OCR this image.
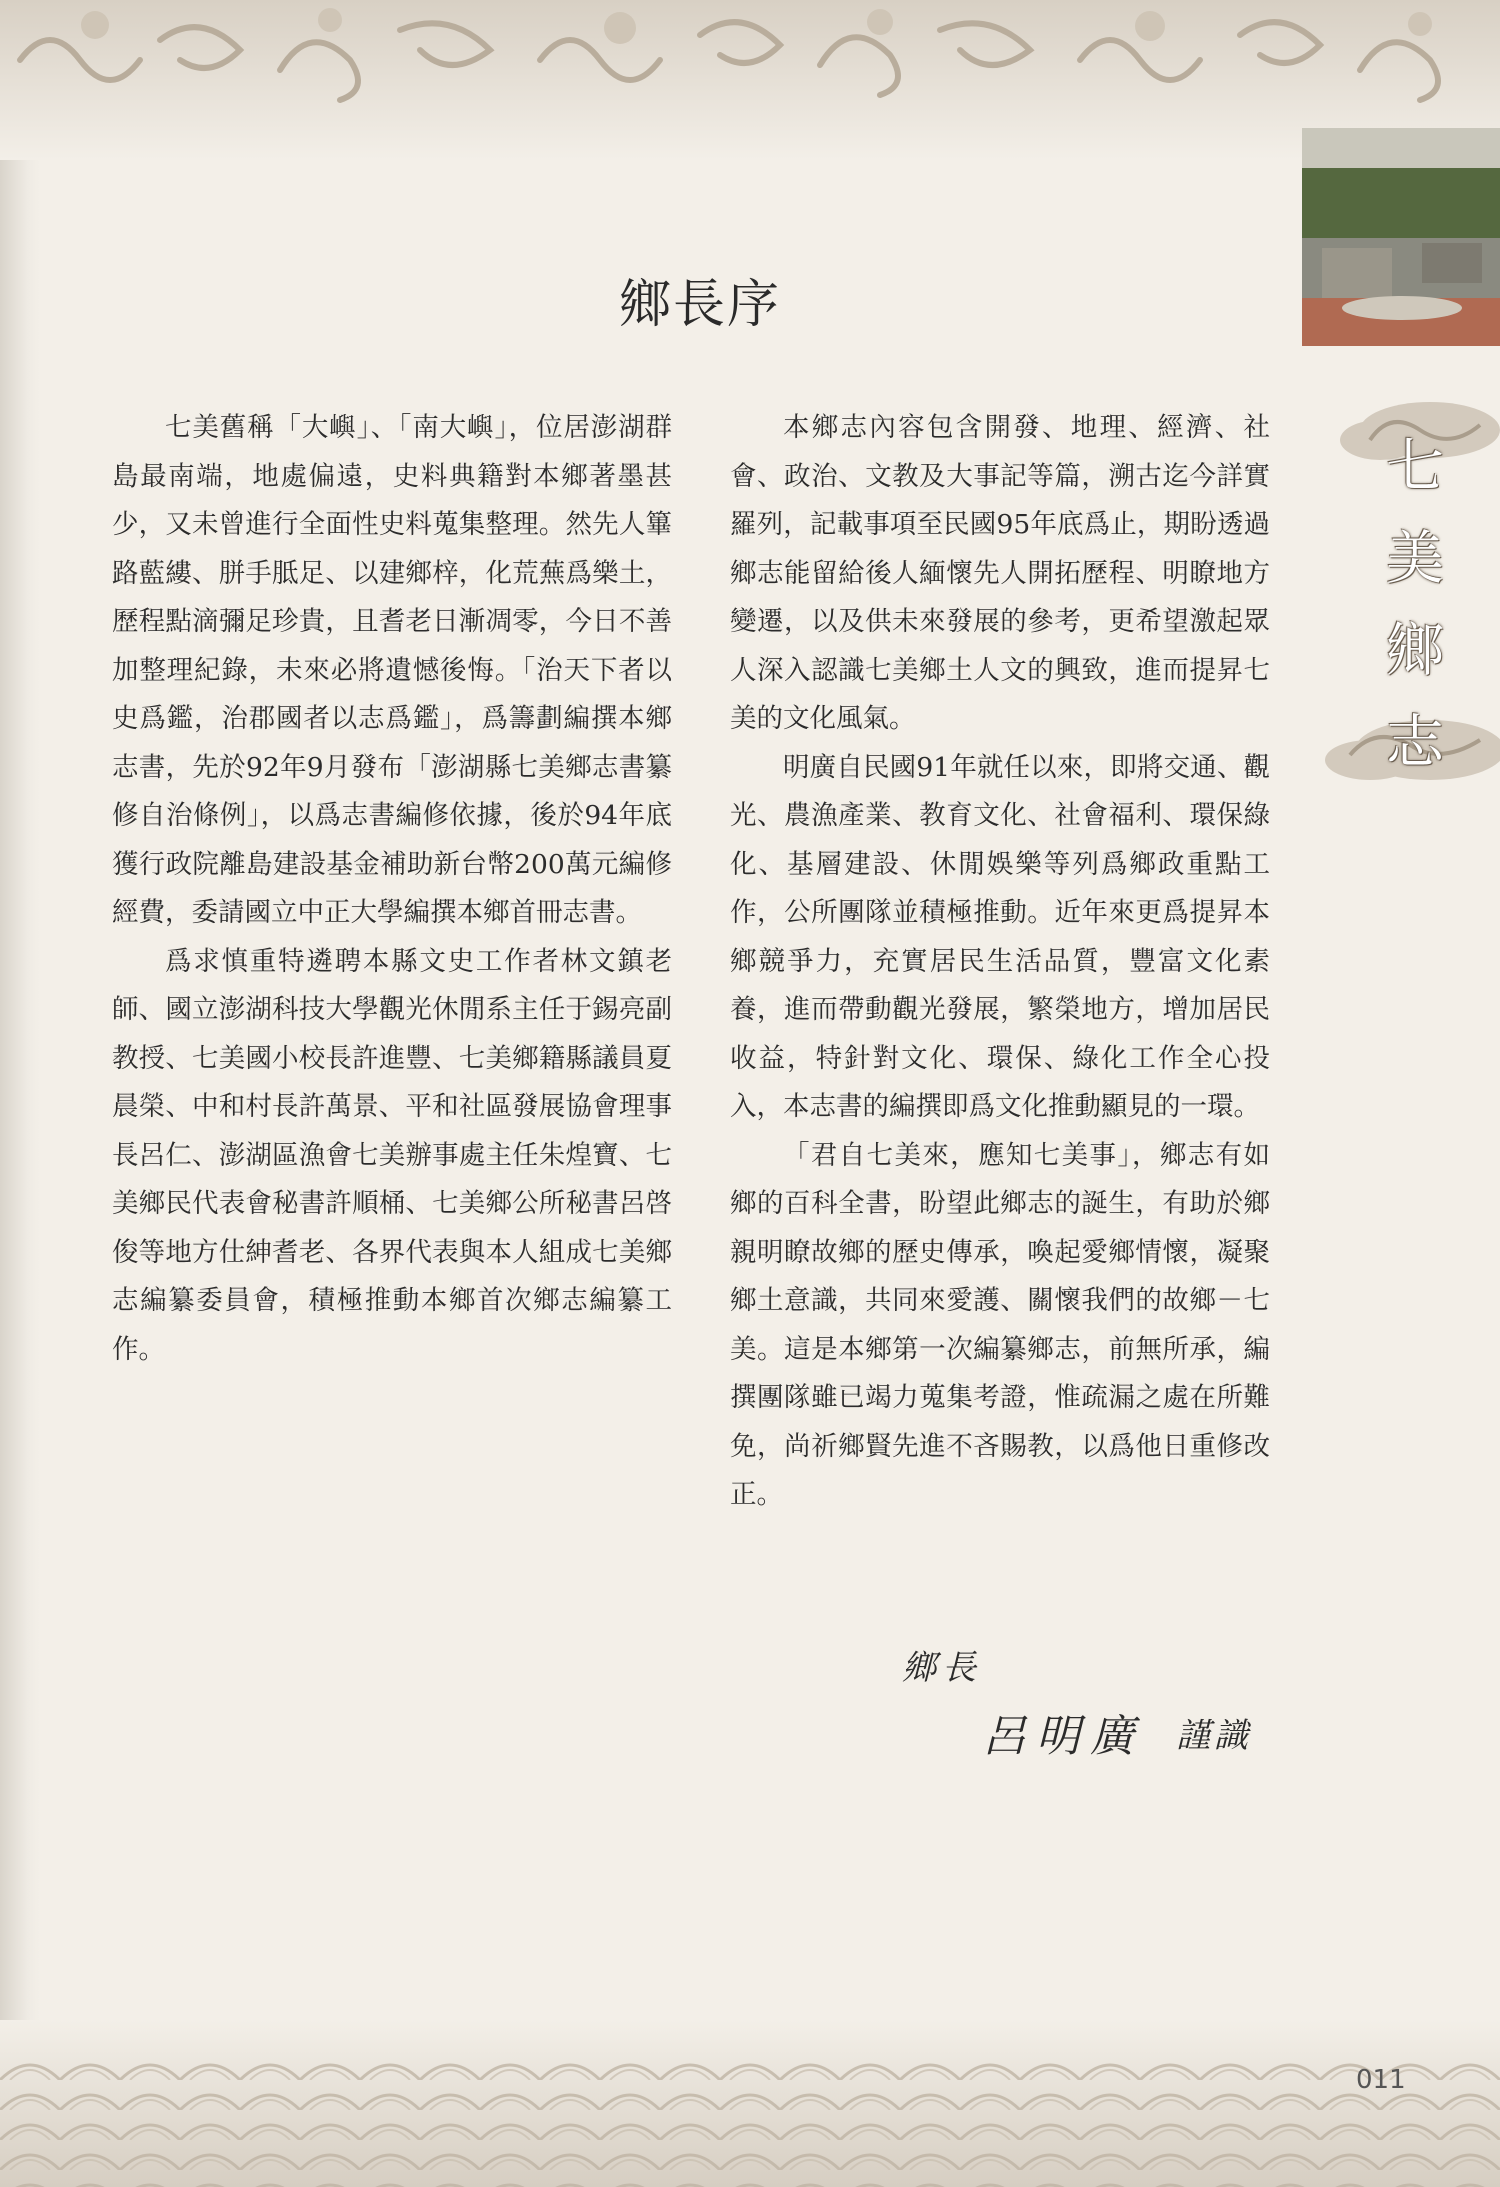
七
美
鄉
志
鄉長序

七美舊稱「大嶼」、「南大嶼」，位居澎湖群島最南端，地處偏遠，史料典籍對本鄉著墨甚少，又未曾進行全面性史料蒐集整理。然先人篳路藍縷、胼手胝足、以建鄉梓，化荒蕪爲樂土，歷程點滴彌足珍貴，且耆老日漸凋零，今日不善加整理紀錄，未來必將遺憾後悔。「治天下者以史爲鑑，治郡國者以志爲鑑」，爲籌劃編撰本鄉志書，先於92年9月發布「澎湖縣七美鄉志書纂修自治條例」，以爲志書編修依據，後於94年底獲行政院離島建設基金補助新台幣200萬元編修經費，委請國立中正大學編撰本鄉首冊志書。

爲求慎重特遴聘本縣文史工作者林文鎮老師、國立澎湖科技大學觀光休閒系主任于錫亮副教授、七美國小校長許進豐、七美鄉籍縣議員夏晨榮、中和村長許萬景、平和社區發展協會理事長呂仁、澎湖區漁會七美辦事處主任朱煌寶、七美鄉民代表會秘書許順桶、七美鄉公所秘書呂啓俊等地方仕紳耆老、各界代表與本人組成七美鄉志編纂委員會，積極推動本鄉首次鄉志編纂工作。

本鄉志內容包含開發、地理、經濟、社會、政治、文教及大事記等篇，溯古迄今詳實羅列，記載事項至民國95年底爲止，期盼透過鄉志能留給後人緬懷先人開拓歷程、明瞭地方變遷，以及供未來發展的參考，更希望激起眾人深入認識七美鄉土人文的興致，進而提昇七美的文化風氣。

明廣自民國91年就任以來，即將交通、觀光、農漁產業、教育文化、社會福利、環保綠化、基層建設、休閒娛樂等列爲鄉政重點工作，公所團隊並積極推動。近年來更爲提昇本鄉競爭力，充實居民生活品質，豐富文化素養，進而帶動觀光發展，繁榮地方，增加居民收益，特針對文化、環保、綠化工作全心投入，本志書的編撰即爲文化推動顯見的一環。

「君自七美來，應知七美事」，鄉志有如鄉的百科全書，盼望此鄉志的誕生，有助於鄉親明瞭故鄉的歷史傳承，喚起愛鄉情懷，凝聚鄉土意識，共同來愛護、關懷我們的故鄉－七美。這是本鄉第一次編纂鄉志，前無所承，編撰團隊雖已竭力蒐集考證，惟疏漏之處在所難免，尚祈鄉賢先進不吝賜教，以爲他日重修改正。

鄉長
呂明廣 謹識
011
